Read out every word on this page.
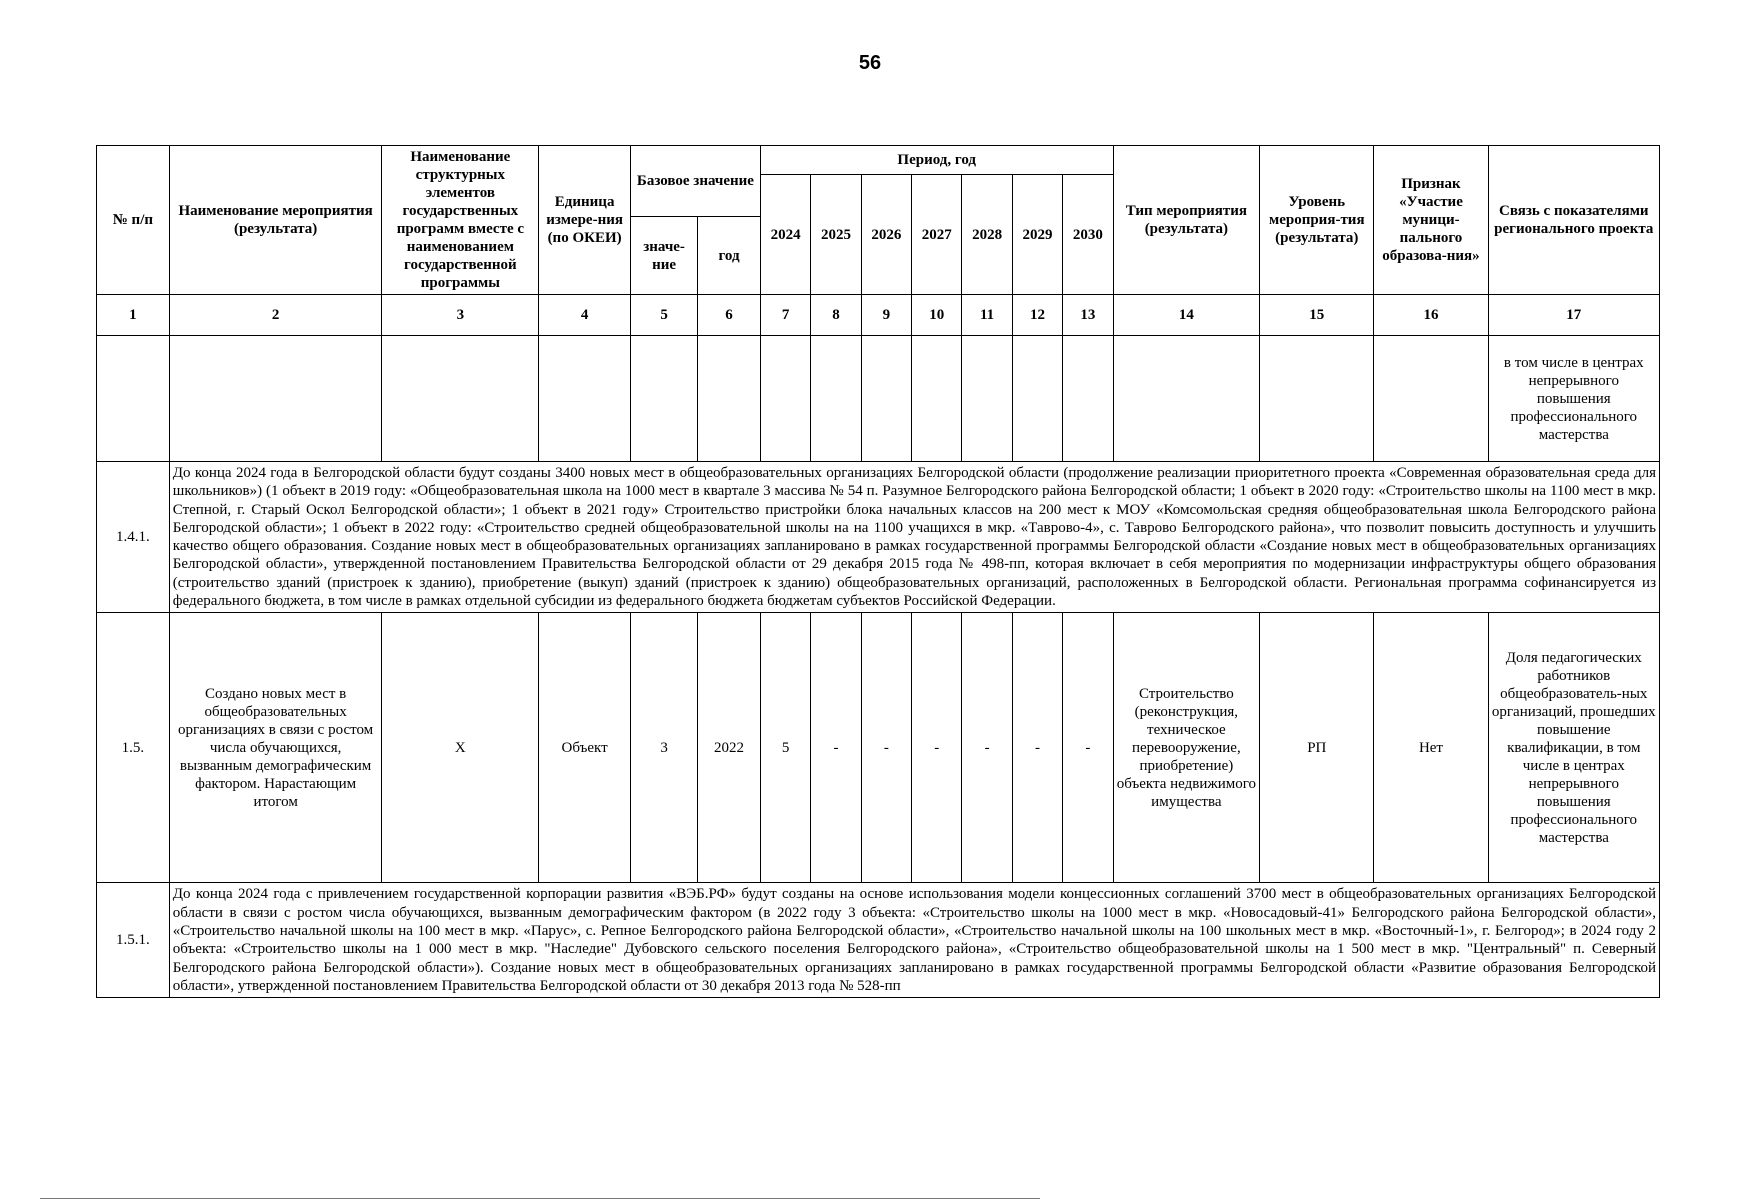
56
№ п/п	Наименование мероприятия (результата)	Наименование структурных элементов государственных программ вместе с наименованием государственной программы	Единица измере-ния (по ОКЕИ)	Базовое значение		Период, год							Тип мероприятия (результата)	Уровень мероприя-тия (результата)	Признак «Участие муници-пального образова-ния»	Связь с показателями регионального проекта
						2024	2025	2026	2027	2028	2029	2030				
				значе-ние	год											
1	2	3	4	5	6	7	8	9	10	11	12	13	14	15	16	17
																в том числе в центрах непрерывного повышения профессионального мастерства
1.4.1.	До конца 2024 года в Белгородской области будут созданы 3400 новых мест в общеобразовательных организациях Белгородской области (продолжение реализации приоритетного проекта «Современная образовательная среда для школьников») (1 объект в 2019 году: «Общеобразовательная школа на 1000 мест в квартале 3 массива № 54 п. Разумное Белгородского района Белгородской области; 1 объект в 2020 году: «Строительство школы на 1100 мест в мкр. Степной, г. Старый Оскол Белгородской области»; 1 объект в 2021 году» Строительство пристройки блока начальных классов на 200 мест к МОУ «Комсомольская средняя общеобразовательная школа Белгородского района Белгородской области»; 1 объект в 2022 году: «Строительство средней общеобразовательной школы на на 1100 учащихся в мкр. «Таврово-4», с. Таврово Белгородского района», что позволит повысить доступность и улучшить качество общего образования. Создание новых мест в общеобразовательных организациях запланировано в рамках государственной программы Белгородской области «Создание новых мест в общеобразовательных организациях Белгородской области», утвержденной постановлением Правительства Белгородской области от 29 декабря 2015 года № 498-пп, которая включает в себя мероприятия по модернизации инфраструктуры общего образования (строительство зданий (пристроек к зданию), приобретение (выкуп) зданий (пристроек к зданию) общеобразовательных организаций, расположенных в Белгородской области. Региональная программа софинансируется из федерального бюджета, в том числе в рамках отдельной субсидии из федерального бюджета бюджетам субъектов Российской Федерации.															
1.5.	Создано новых мест в общеобразовательных организациях в связи с ростом числа обучающихся, вызванным демографическим фактором. Нарастающим итогом	X	Объект	3	2022	5	-	-	-	-	-	-	Строительство (реконструкция, техническое перевооружение, приобретение) объекта недвижимого имущества	РП	Нет	Доля педагогических работников общеобразователь-ных организаций, прошедших повышение квалификации, в том числе в центрах непрерывного повышения профессионального мастерства
1.5.1.	До конца 2024 года с привлечением государственной корпорации развития «ВЭБ.РФ» будут созданы на основе использования модели концессионных соглашений 3700 мест в общеобразовательных организациях Белгородской области в связи с ростом числа обучающихся, вызванным демографическим фактором (в 2022 году 3 объекта: «Строительство школы на 1000 мест в мкр. «Новосадовый-41» Белгородского района Белгородской области», «Строительство начальной школы на 100 мест в мкр. «Парус», с. Репное Белгородского района Белгородской области», «Строительство начальной школы на 100 школьных мест в мкр. «Восточный-1», г. Белгород»; в 2024 году 2 объекта: «Строительство школы на 1 000 мест в мкр. "Наследие" Дубовского сельского поселения Белгородского района», «Строительство общеобразовательной школы на 1 500 мест в мкр. "Центральный" п. Северный Белгородского района Белгородской области»). Создание новых мест в общеобразовательных организациях запланировано в рамках государственной программы Белгородской области «Развитие образования Белгородской области», утвержденной постановлением Правительства Белгородской области от 30 декабря 2013 года № 528-пп															
